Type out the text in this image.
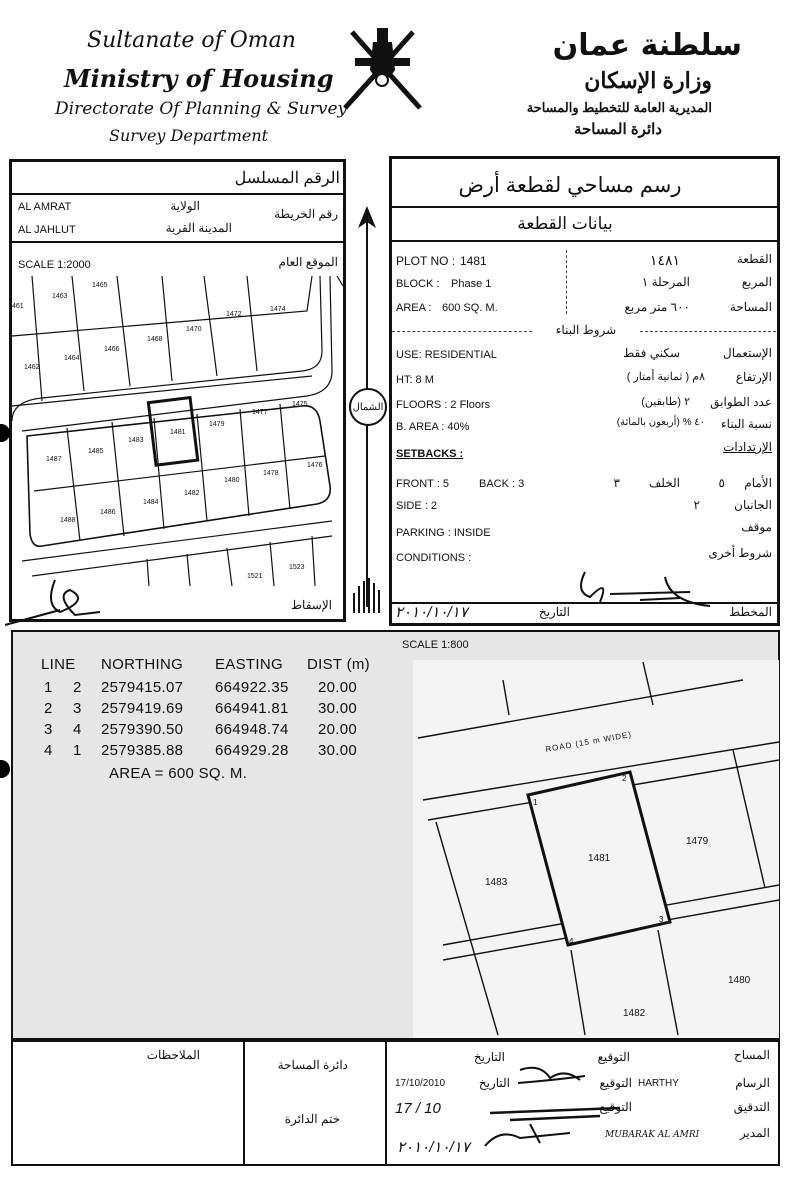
Sultanate of Oman
Ministry of Housing
Directorate Of Planning & Survey
Survey Department
سلطنة عمان
وزارة الإسكان
المديرية العامة للتخطيط والمساحة
دائرة المساحة
الرقم المسلسل
AL AMRAT	الولاية
رقم الخريطة
AL JAHLUT	المدينة القرية
SCALE 1:2000	الموقع العام
1465
1463
461	1474
1472
1470
1468
1466
1464
1462
1475
1477
1479
1481
1483
1485
1487
1476
1478
1480
1482
1484
1486
1488
1523
1521
الإسقاط
الشمال
رسم مساحي لقطعة أرض
بيانات القطعة
PLOT NO : 1481	١٤٨١	القطعة
BLOCK : Phase 1	المرحلة ١	المربع
AREA : 600 SQ. M.	٦٠٠ متر مربع	المساحة
شروط البناء
USE: RESIDENTIAL	سكني فقط	الإستعمال
HT: 8 M	٨م ( ثمانية أمتار )	الإرتفاع
FLOORS : 2 Floors	٢ (طابقين)	عدد الطوابق
B. AREA : 40%	٤٠ % (أربعون بالمائة)	نسبة البناء
SETBACKS :	الإرتدادات
FRONT : 5	BACK : 3	٣	الخلف	٥	الأمام
SIDE : 2	٢	الجانبان
PARKING : INSIDE	موقف
CONDITIONS :	شروط أخرى
المخطط
التاريخ
٢٠١٠/١٠/١٧
SCALE 1:800
LINE NORTHING EASTING DIST (m)
1 2 2579415.07 664922.35 20.00
2 3 2579419.69 664941.81 30.00
3 4 2579390.50 664948.74 20.00
4 1 2579385.88 664929.28 30.00
AREA = 600 SQ. M.
ROAD (15 m WIDE)
1481
1479
1483
1482
1480
1
2
3
4
الملاحظات
دائرة المساحة
ختم الدائرة
التوقيع
التاريخ	المساح
17/10/2010	التاريخ	التوقيع HARTHY	الرسام
17 / 10	التوقيع	التدقيق
٢٠١٠/١٠/١٧
MUBARAK AL AMRI	المدير
